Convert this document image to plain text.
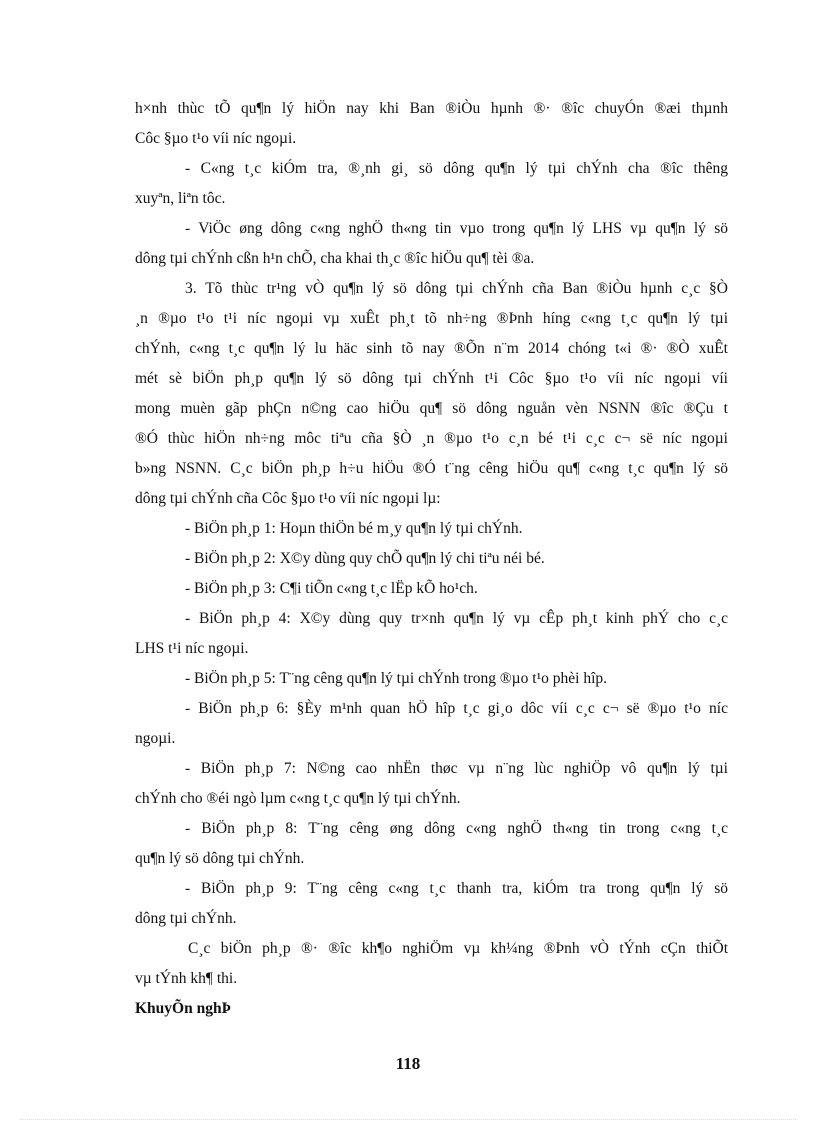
h×nh thùc tÕ qu¶n lý hiÖn nay khi Ban ®iÒu hµnh ®· ®îc chuyÓn ®æi thµnh
Côc §µo t¹o víi níc ngoµi.
- C«ng t¸c kiÓm tra, ®¸nh gi¸ sö dông qu¶n lý tµi chÝnh cha ®îc thêng
xuyªn, liªn tôc.
- ViÖc øng dông c«ng nghÖ th«ng tin vµo trong qu¶n lý LHS vµ qu¶n lý sö
dông tµi chÝnh cßn h¹n chÕ, cha khai th¸c ®îc hiÖu qu¶ tèi ®a.
3. Tõ thùc tr¹ng vÒ qu¶n lý sö dông tµi chÝnh cña Ban ®iÒu hµnh c¸c §Ò
¸n ®µo t¹o t¹i níc ngoµi vµ xuÊt ph¸t tõ nh÷ng ®Þnh híng c«ng t¸c qu¶n lý tµi
chÝnh, c«ng t¸c qu¶n lý lu häc sinh tõ nay ®Õn n¨m 2014 chóng t«i ®· ®Ò xuÊt
mét sè biÖn ph¸p qu¶n lý sö dông tµi chÝnh t¹i Côc §µo t¹o víi níc ngoµi víi
mong muèn gãp phÇn n©ng cao hiÖu qu¶ sö dông nguån vèn NSNN ®îc ®Çu t
®Ó thùc hiÖn nh÷ng môc tiªu cña §Ò ¸n ®µo t¹o c¸n bé t¹i c¸c c¬ së níc ngoµi
b»ng NSNN. C¸c biÖn ph¸p h÷u hiÖu ®Ó t¨ng cêng hiÖu qu¶ c«ng t¸c qu¶n lý sö
dông tµi chÝnh cña Côc §µo t¹o víi níc ngoµi lµ:
- BiÖn ph¸p 1: Hoµn thiÖn bé m¸y qu¶n lý tµi chÝnh.
- BiÖn ph¸p 2: X©y dùng quy chÕ qu¶n lý chi tiªu néi bé.
- BiÖn ph¸p 3: C¶i tiÕn c«ng t¸c lËp kÕ ho¹ch.
- BiÖn ph¸p 4: X©y dùng quy tr×nh qu¶n lý vµ cÊp ph¸t kinh phÝ cho c¸c
LHS t¹i níc ngoµi.
- BiÖn ph¸p 5: T¨ng cêng qu¶n lý tµi chÝnh trong ®µo t¹o phèi hîp.
- BiÖn ph¸p 6: §Èy m¹nh quan hÖ hîp t¸c gi¸o dôc víi c¸c c¬ së ®µo t¹o níc
ngoµi.
- BiÖn ph¸p 7: N©ng cao nhËn thøc vµ n¨ng lùc nghiÖp vô qu¶n lý tµi
chÝnh cho ®éi ngò lµm c«ng t¸c qu¶n lý tµi chÝnh.
- BiÖn ph¸p 8: T¨ng cêng øng dông c«ng nghÖ th«ng tin trong c«ng t¸c
qu¶n lý sö dông tµi chÝnh.
- BiÖn ph¸p 9: T¨ng cêng c«ng t¸c thanh tra, kiÓm tra trong qu¶n lý sö
dông tµi chÝnh.
C¸c biÖn ph¸p ®· ®îc kh¶o nghiÖm vµ kh¼ng ®Þnh vÒ tÝnh cÇn thiÕt
vµ tÝnh kh¶ thi.
KhuyÕn nghÞ
118
